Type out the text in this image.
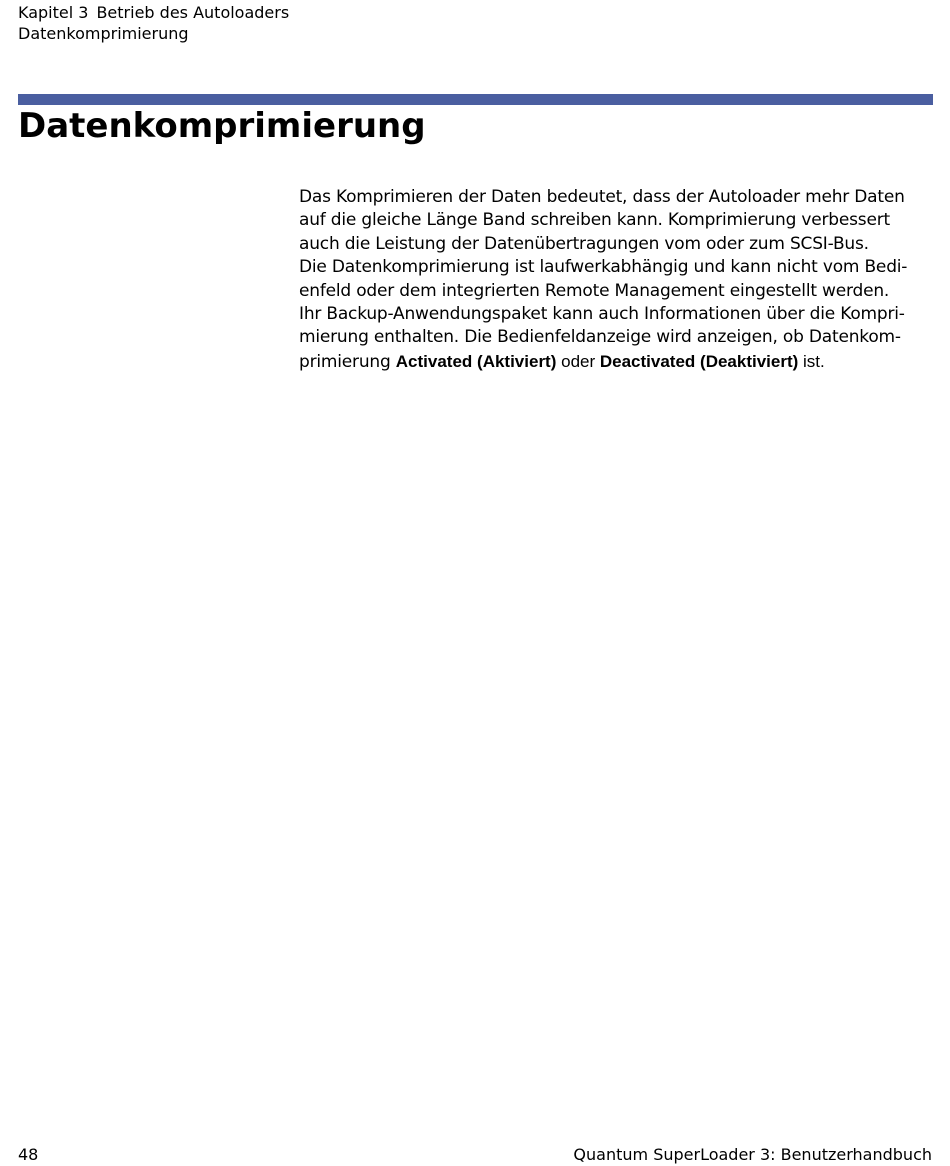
Kapitel 3 Betrieb des Autoloaders
Datenkomprimierung
Datenkomprimierung

Das Komprimieren der Daten bedeutet, dass der Autoloader mehr Daten
auf die gleiche Länge Band schreiben kann. Komprimierung verbessert
auch die Leistung der Datenübertragungen vom oder zum SCSI-Bus.
Die Datenkomprimierung ist laufwerkabhängig und kann nicht vom Bedi-
enfeld oder dem integrierten Remote Management eingestellt werden.
Ihr Backup-Anwendungspaket kann auch Informationen über die Kompri-
mierung enthalten. Die Bedienfeldanzeige wird anzeigen, ob Datenkom-
primierung Activated (Aktiviert) oder Deactivated (Deaktiviert) ist.

48	Quantum SuperLoader 3: Benutzerhandbuch
